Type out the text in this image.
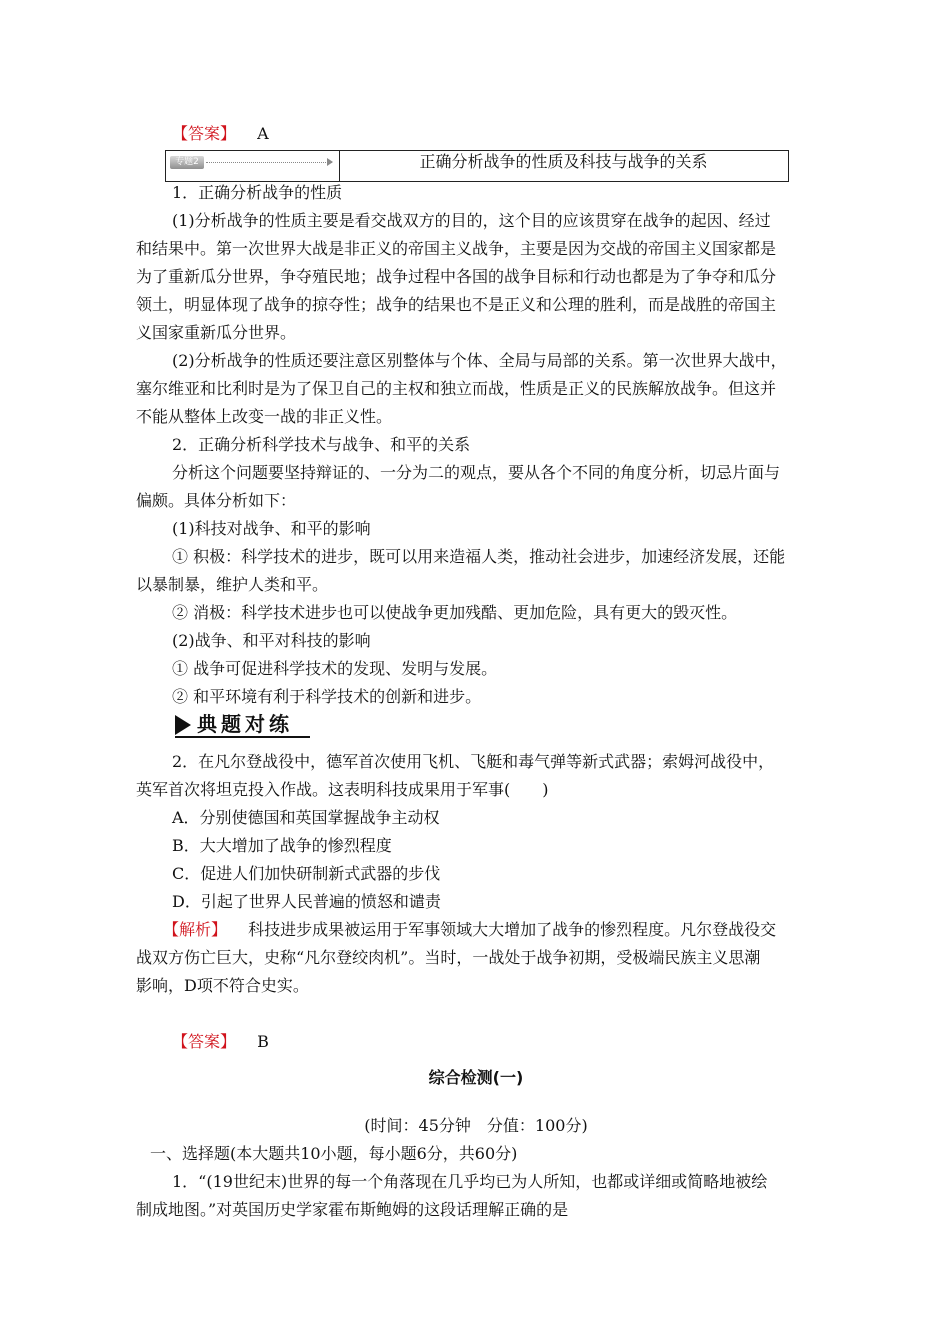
【答案】 A
专题2	正确分析战争的性质及科技与战争的关系
1．正确分析战争的性质
(1)分析战争的性质主要是看交战双方的目的，这个目的应该贯穿在战争的起因、经过
和结果中。第一次世界大战是非正义的帝国主义战争，主要是因为交战的帝国主义国家都是
为了重新瓜分世界，争夺殖民地；战争过程中各国的战争目标和行动也都是为了争夺和瓜分
领土，明显体现了战争的掠夺性；战争的结果也不是正义和公理的胜利，而是战胜的帝国主
义国家重新瓜分世界。
(2)分析战争的性质还要注意区别整体与个体、全局与局部的关系。第一次世界大战中，
塞尔维亚和比利时是为了保卫自己的主权和独立而战，性质是正义的民族解放战争。但这并
不能从整体上改变一战的非正义性。
2．正确分析科学技术与战争、和平的关系
分析这个问题要坚持辩证的、一分为二的观点，要从各个不同的角度分析，切忌片面与
偏颇。具体分析如下：
(1)科技对战争、和平的影响
① 积极：科学技术的进步，既可以用来造福人类，推动社会进步，加速经济发展，还能
以暴制暴，维护人类和平。
② 消极：科学技术进步也可以使战争更加残酷、更加危险，具有更大的毁灭性。
(2)战争、和平对科技的影响
① 战争可促进科学技术的发现、发明与发展。
② 和平环境有利于科学技术的创新和进步。
典题对练
2．在凡尔登战役中，德军首次使用飞机、飞艇和毒气弹等新式武器；索姆河战役中，
英军首次将坦克投入作战。这表明科技成果用于军事(　　)
A．分别使德国和英国掌握战争主动权
B．大大增加了战争的惨烈程度
C．促进人们加快研制新式武器的步伐
D．引起了世界人民普遍的愤怒和谴责
【解析】 科技进步成果被运用于军事领域大大增加了战争的惨烈程度。凡尔登战役交
战双方伤亡巨大，史称“凡尔登绞肉机”。当时，一战处于战争初期，受极端民族主义思潮
影响，D项不符合史实。
【答案】 B
综合检测(一)
(时间：45分钟　分值：100分)
一、选择题(本大题共10小题，每小题6分，共60分)
1．“(19世纪末)世界的每一个角落现在几乎均已为人所知，也都或详细或简略地被绘
制成地图。”对英国历史学家霍布斯鲍姆的这段话理解正确的是
